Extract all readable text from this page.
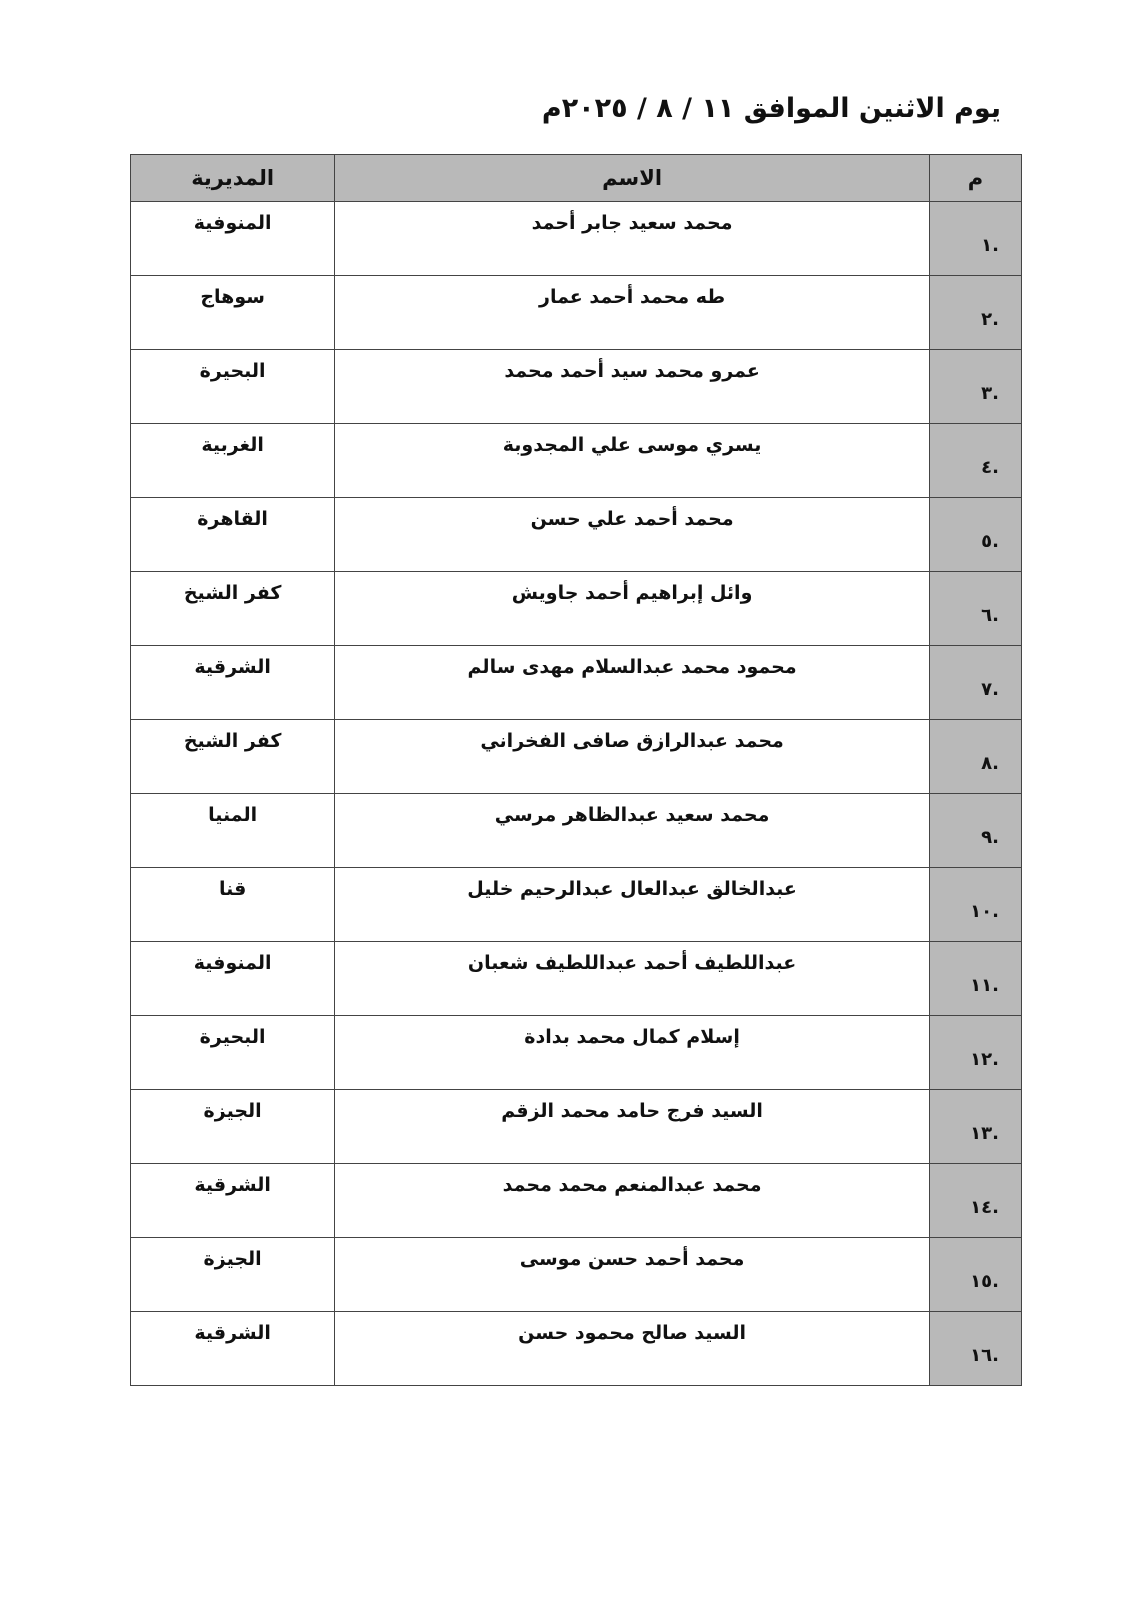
يوم الاثنين الموافق ١١ / ٨ / ٢٠٢٥م
م	الاسم	المديرية
.١	محمد سعيد جابر أحمد	المنوفية
.٢	طه محمد أحمد عمار	سوهاج
.٣	عمرو محمد سيد أحمد محمد	البحيرة
.٤	يسري موسى علي المجدوبة	الغربية
.٥	محمد أحمد علي حسن	القاهرة
.٦	وائل إبراهيم أحمد جاويش	كفر الشيخ
.٧	محمود محمد عبدالسلام مهدى سالم	الشرقية
.٨	محمد عبدالرازق صافى الفخراني	كفر الشيخ
.٩	محمد سعيد عبدالظاهر مرسي	المنيا
.١٠	عبدالخالق عبدالعال عبدالرحيم خليل	قنا
.١١	عبداللطيف أحمد عبداللطيف شعبان	المنوفية
.١٢	إسلام كمال محمد بدادة	البحيرة
.١٣	السيد فرج حامد محمد الزقم	الجيزة
.١٤	محمد عبدالمنعم محمد محمد	الشرقية
.١٥	محمد أحمد حسن موسى	الجيزة
.١٦	السيد صالح محمود حسن	الشرقية
